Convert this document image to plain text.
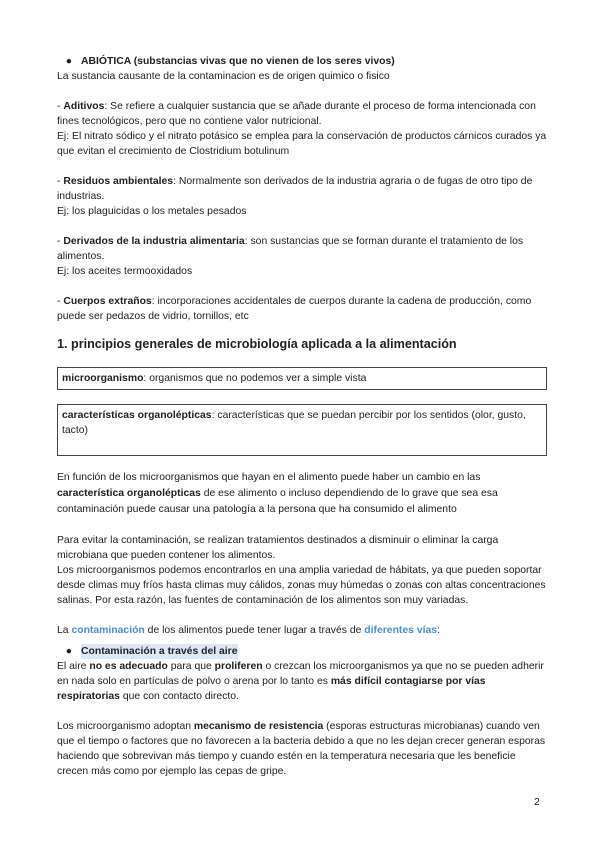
● ABIÓTICA (substancias vivas que no vienen de los seres vivos)

La sustancia causante de la contaminacion es de origen quimico o fisico

- Aditivos: Se refiere a cualquier sustancia que se añade durante el proceso de forma intencionada con fines tecnológicos, pero que no contiene valor nutricional.

Ej: El nitrato sódico y el nitrato potásico se emplea para la conservación de productos cárnicos curados ya que evitan el crecimiento de Clostridium botulinum

- Residuos ambientales: Normalmente son derivados de la industria agraria o de fugas de otro tipo de industrias.

Ej: los plaguicidas o los metales pesados

- Derivados de la industria alimentaria: son sustancias que se forman durante el tratamiento de los alimentos.

Ej: los aceites termooxidados

- Cuerpos extraños: incorporaciones accidentales de cuerpos durante la cadena de producción, como puede ser pedazos de vidrio, tornillos, etc

1. principios generales de microbiología aplicada a la alimentación
microorganismo: organismos que no podemos ver a simple vista
características organolépticas: características que se puedan percibir por los sentidos (olor, gusto, tacto)

En función de los microorganismos que hayan en el alimento puede haber un cambio en las característica organolépticas de ese alimento o incluso dependiendo de lo grave que sea esa contaminación puede causar una patología a la persona que ha consumido el alimento

Para evitar la contaminación, se realizan tratamientos destinados a disminuir o eliminar la carga microbiana que pueden contener los alimentos.

Los microorganismos podemos encontrarlos en una amplia variedad de hábitats, ya que pueden soportar desde climas muy fríos hasta climas muy cálidos, zonas muy húmedas o zonas con altas concentraciones salinas. Por esta razón, las fuentes de contaminación de los alimentos son muy variadas.

La contaminación de los alimentos puede tener lugar a través de diferentes vías:

● Contaminación a través del aire

El aire no es adecuado para que proliferen o crezcan los microorganismos ya que no se pueden adherir en nada solo en partículas de polvo o arena por lo tanto es más difícil contagiarse por vías respiratorias que con contacto directo.

Los microorganismo adoptan mecanismo de resistencia (esporas estructuras microbianas) cuando ven que el tiempo o factores que no favorecen a la bacteria debido a que no les dejan crecer generan esporas haciendo que sobrevivan más tiempo y cuando estén en la temperatura necesaria que les beneficie crecen más como por ejemplo las cepas de gripe.

2
